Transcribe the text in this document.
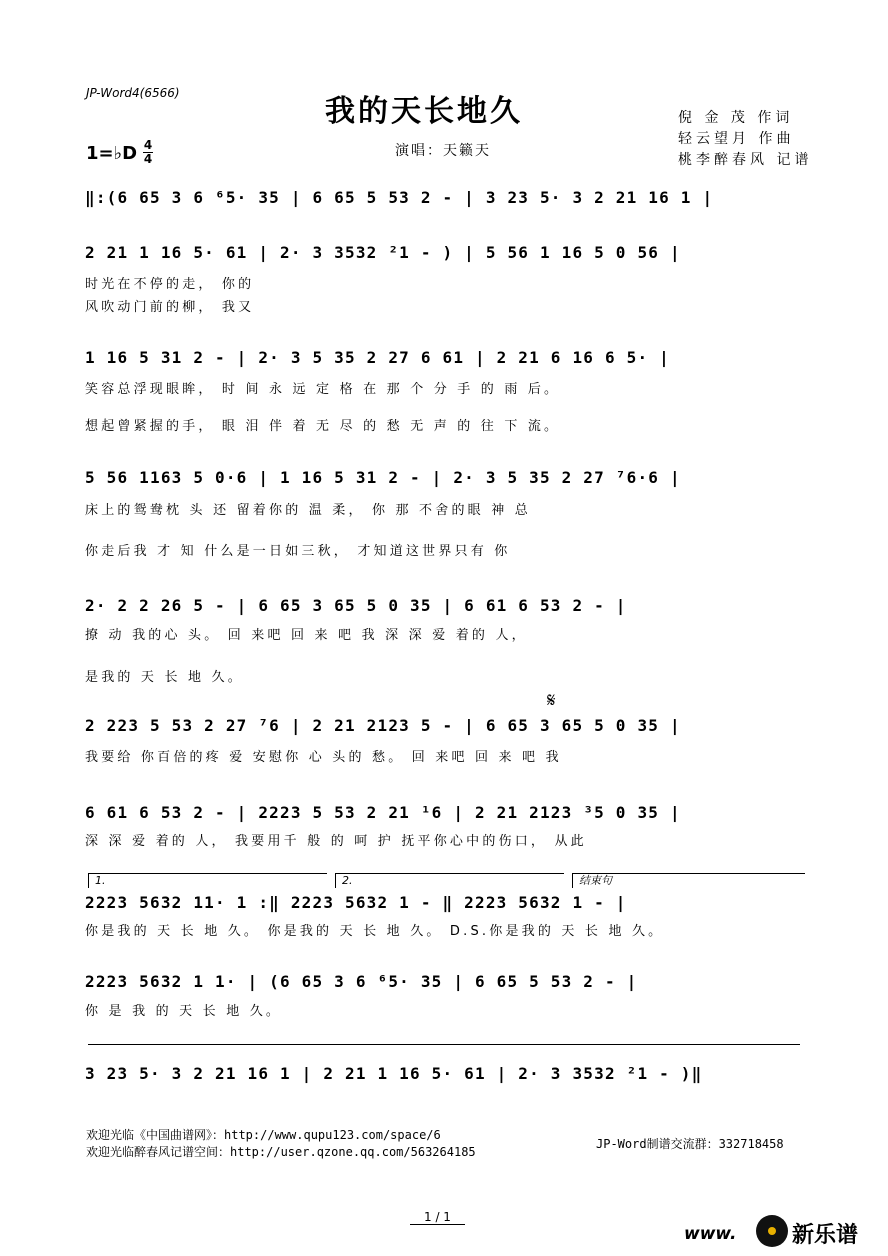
JP-Word4(6566)
我的天长地久	倪 金 茂 作词
轻云望月 作曲
桃李醉春风 记谱
1=♭D 4
4	演唱：天籁天
‖:(6 65 3 6 ⁶5· 35 | 6 65 5 53 2 - | 3 23 5· 3 2 21 16 1 |
2 21 1 16 5· 61 | 2· 3 3532 ²1 - ) | 5 56 1 16 5 0 56 |
时光在不停的走， 你的
风吹动门前的柳， 我又
1 16 5 31 2 - | 2· 3 5 35 2 27 6 61 | 2 21 6 16 6 5· |
笑容总浮现眼眸， 时 间 永 远 定 格 在 那 个 分 手 的 雨 后。
想起曾紧握的手， 眼 泪 伴 着 无 尽 的 愁 无 声 的 往 下 流。
5 56 1163 5 0·6 | 1 16 5 31 2 - | 2· 3 5 35 2 27 ⁷6·6 |
床上的鸳鸯枕 头 还 留着你的 温 柔， 你 那 不舍的眼 神 总
你走后我 才 知 什么是一日如三秋， 才知道这世界只有 你
2· 2 2 26 5 - | 6 65 3 65 5 0 35 | 6 61 6 53 2 - |
撩 动 我的心 头。 回 来吧 回 来 吧 我 深 深 爱 着的 人，
是我的 天 长 地 久。
𝄋
2 223 5 53 2 27 ⁷6 | 2 21 2123 5 - | 6 65 3 65 5 0 35 |
我要给 你百倍的疼 爱 安慰你 心 头的 愁。 回 来吧 回 来 吧 我
6 61 6 53 2 - | 2223 5 53 2 21 ¹6 | 2 21 2123 ³5 0 35 |
深 深 爱 着的 人， 我要用千 般 的 呵 护 抚平你心中的伤口， 从此
1.	2.	结束句
2223 5632 11· 1 :‖ 2223 5632 1 - ‖ 2223 5632 1 - |
你是我的 天 长 地 久。 你是我的 天 长 地 久。 D.S.你是我的 天 长 地 久。
2223 5632 1 1· | (6 65 3 6 ⁶5· 35 | 6 65 5 53 2 - |
你 是 我 的 天 长 地 久。
3 23 5· 3 2 21 16 1 | 2 21 1 16 5· 61 | 2· 3 3532 ²1 - )‖
欢迎光临《中国曲谱网》：http://www.qupu123.com/space/6
欢迎光临醉春风记谱空间：http://user.qzone.qq.com/563264185
JP-Word制谱交流群：332718458
1 / 1
www.	新乐谱
